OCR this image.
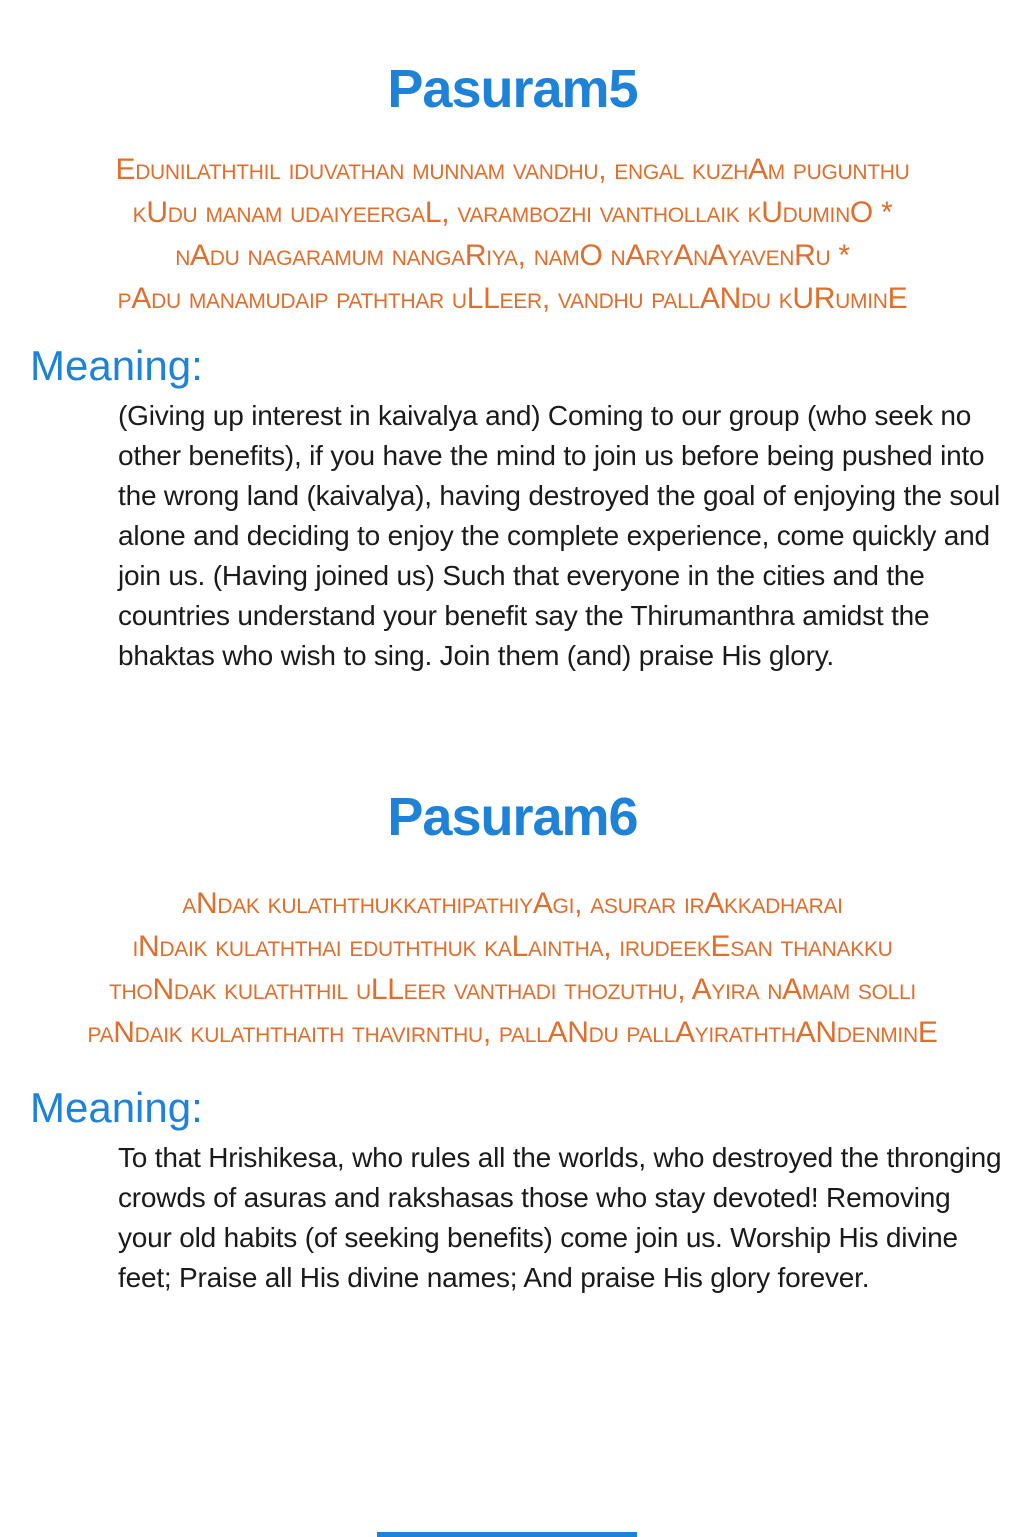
Pasuram5
Edunilaththil iduvathan munnam vandhu, engal kuzhAm pugunthu
kUdu manam udaiyeergaL, varambozhi vanthollaik kUduminO *
nAdu nagaramum nangaRiya, namO nAryAnAyavenRu *
pAdu manamudaip paththar uLLeer, vandhu pallANdu kURuminE
Meaning:

(Giving up interest in kaivalya and) Coming to our group (who seek no other benefits), if you have the mind to join us before being pushed into the wrong land (kaivalya), having destroyed the goal of enjoying the soul alone and deciding to enjoy the complete experience, come quickly and join us. (Having joined us) Such that everyone in the cities and the countries understand your benefit say the Thirumanthra amidst the bhaktas who wish to sing. Join them (and) praise His glory.

Pasuram6
aNdak kulaththukkathipathiyAgi, asurar irAkkadharai
iNdaik kulaththai eduththuk kaLaintha, irudeekEsan thanakku
thoNdak kulaththil uLLeer vanthadi thozuthu, Ayira nAmam solli
paNdaik kulaththaith thavirnthu, pallANdu pallAyiraththANdenminE
Meaning:

To that Hrishikesa, who rules all the worlds, who destroyed the thronging crowds of asuras and rakshasas those who stay devoted! Removing your old habits (of seeking benefits) come join us. Worship His divine feet; Praise all His divine names; And praise His glory forever.
